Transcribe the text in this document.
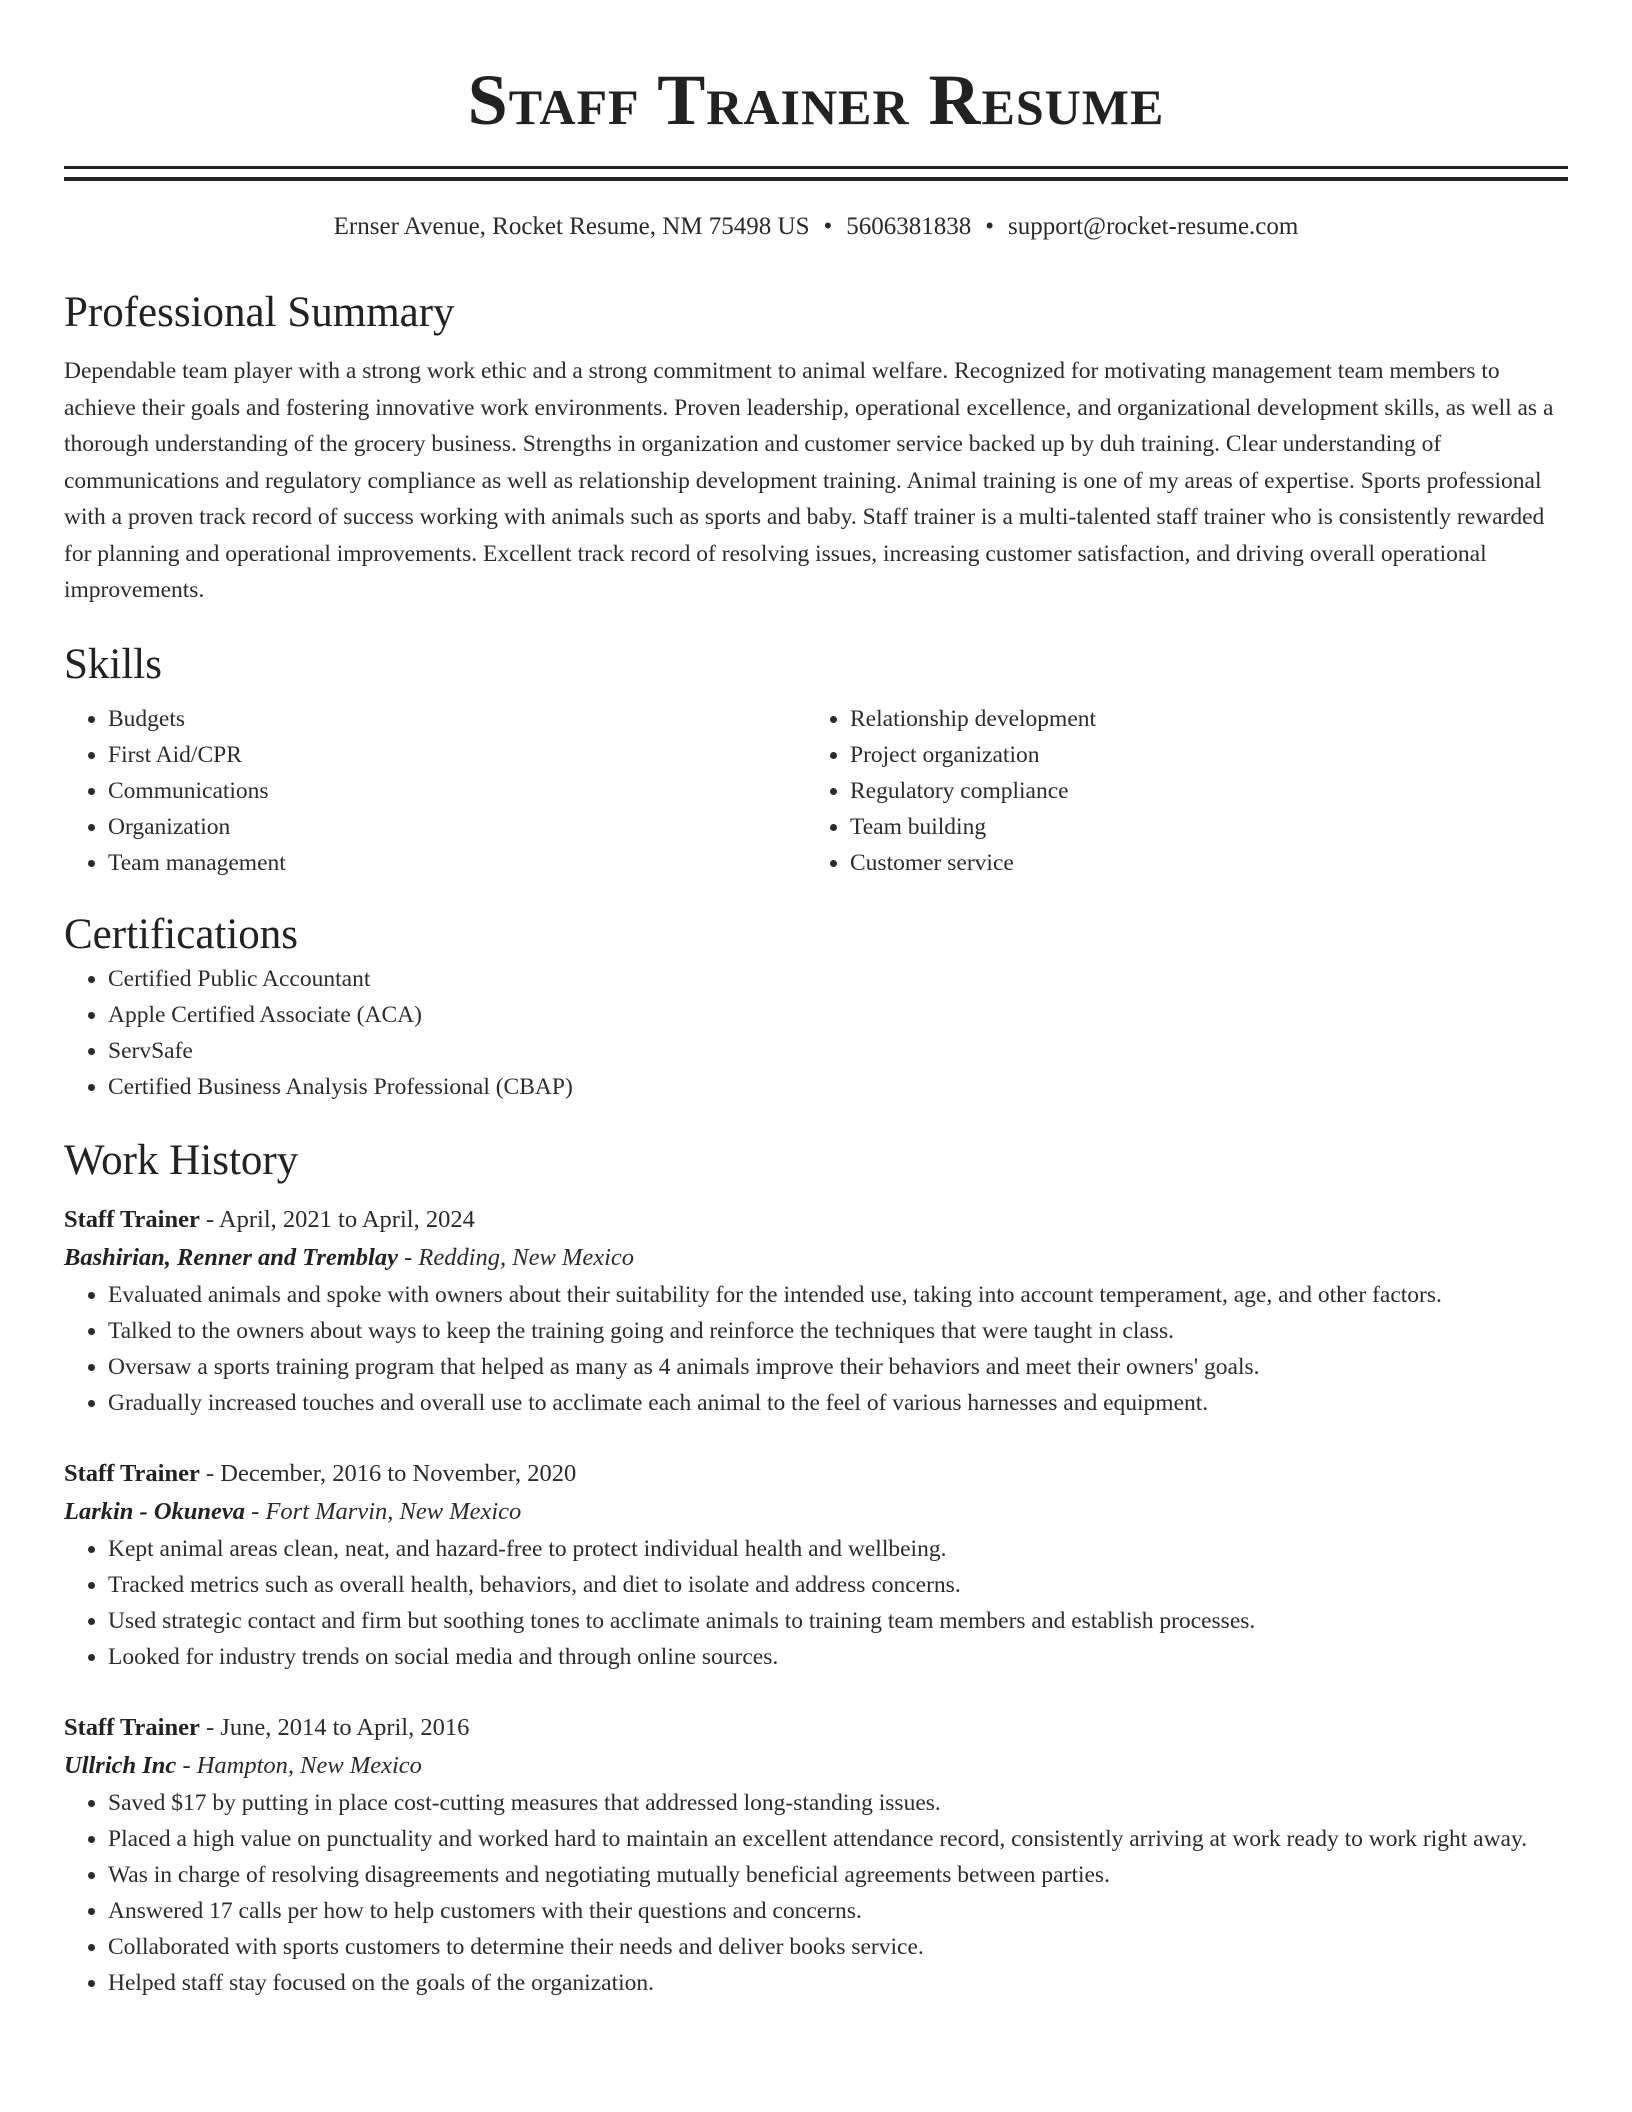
Staff Trainer Resume
Ernser Avenue, Rocket Resume, NM 75498 US • 5606381838 • support@rocket-resume.com
Professional Summary

Dependable team player with a strong work ethic and a strong commitment to animal welfare. Recognized for motivating management team members to achieve their goals and fostering innovative work environments. Proven leadership, operational excellence, and organizational development skills, as well as a thorough understanding of the grocery business. Strengths in organization and customer service backed up by duh training. Clear understanding of communications and regulatory compliance as well as relationship development training. Animal training is one of my areas of expertise. Sports professional with a proven track record of success working with animals such as sports and baby. Staff trainer is a multi-talented staff trainer who is consistently rewarded for planning and operational improvements. Excellent track record of resolving issues, increasing customer satisfaction, and driving overall operational improvements.

Skills
• Budgets
• First Aid/CPR
• Communications
• Organization
• Team management
• Relationship development
• Project organization
• Regulatory compliance
• Team building
• Customer service
Certifications
• Certified Public Accountant
• Apple Certified Associate (ACA)
• ServSafe
• Certified Business Analysis Professional (CBAP)
Work History
Staff Trainer - April, 2021 to April, 2024
Bashirian, Renner and Tremblay - Redding, New Mexico
• Evaluated animals and spoke with owners about their suitability for the intended use, taking into account temperament, age, and other factors.
• Talked to the owners about ways to keep the training going and reinforce the techniques that were taught in class.
• Oversaw a sports training program that helped as many as 4 animals improve their behaviors and meet their owners' goals.
• Gradually increased touches and overall use to acclimate each animal to the feel of various harnesses and equipment.
Staff Trainer - December, 2016 to November, 2020
Larkin - Okuneva - Fort Marvin, New Mexico
• Kept animal areas clean, neat, and hazard-free to protect individual health and wellbeing.
• Tracked metrics such as overall health, behaviors, and diet to isolate and address concerns.
• Used strategic contact and firm but soothing tones to acclimate animals to training team members and establish processes.
• Looked for industry trends on social media and through online sources.
Staff Trainer - June, 2014 to April, 2016
Ullrich Inc - Hampton, New Mexico
• Saved $17 by putting in place cost-cutting measures that addressed long-standing issues.
• Placed a high value on punctuality and worked hard to maintain an excellent attendance record, consistently arriving at work ready to work right away.
• Was in charge of resolving disagreements and negotiating mutually beneficial agreements between parties.
• Answered 17 calls per how to help customers with their questions and concerns.
• Collaborated with sports customers to determine their needs and deliver books service.
• Helped staff stay focused on the goals of the organization.
